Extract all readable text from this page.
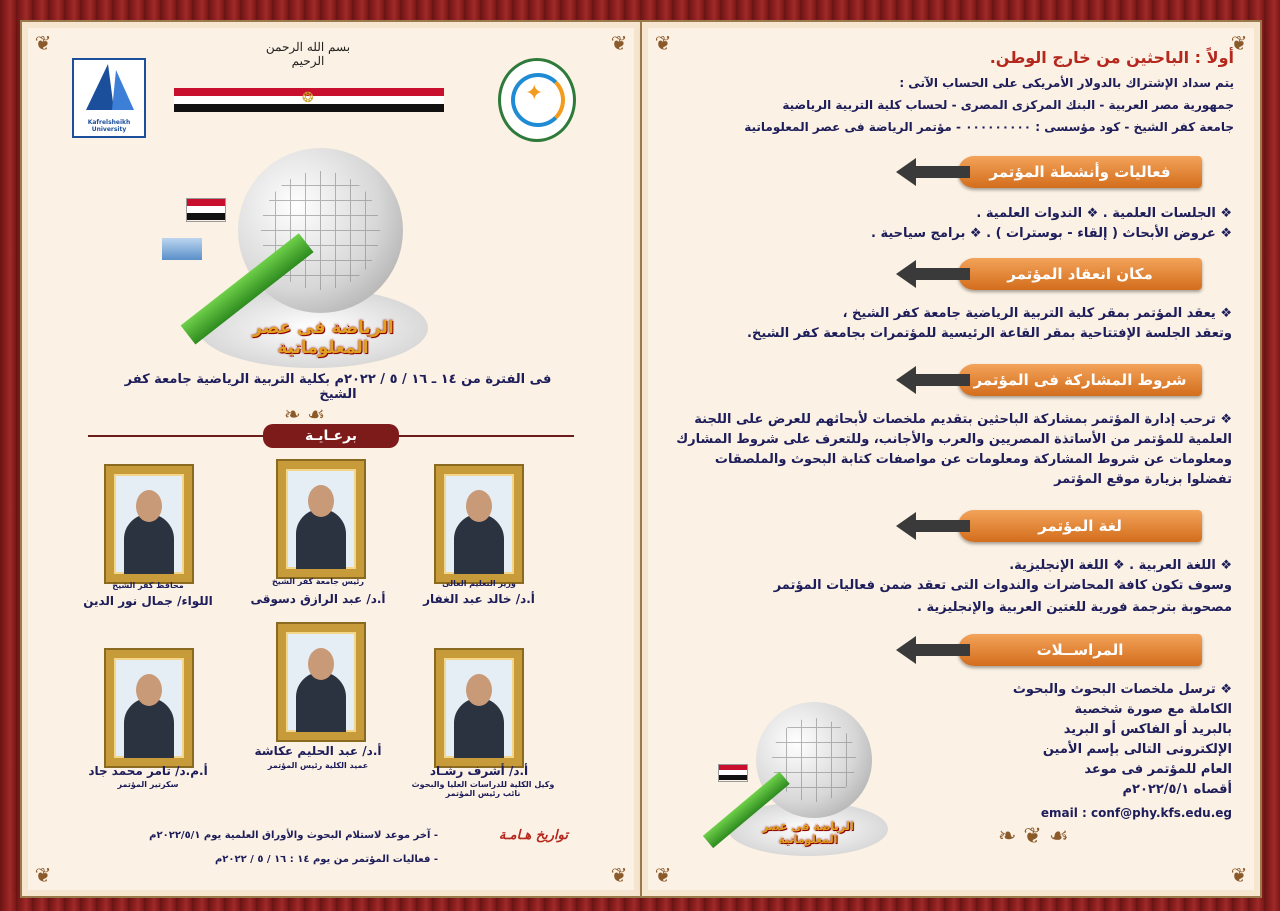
❦	❦
❦	❦
Kafrelsheikh University
بسم الله الرحمن الرحيم
❂	✦
الرياضة فى عصر المعلوماتية
فى الفترة من ١٤ ـ ١٦ / ٥ / ٢٠٢٢م بكلية التربية الرياضية جامعة كفر الشيخ
برعـايـة
❧ ☙
وزير التعليم العالى
أ.د/ خالد عبد الغفار
رئيس جامعة كفر الشيخ
أ.د/ عبد الرازق دسوقى
محافظ كفر الشيخ
اللواء/ جمال نور الدين
أ.د/ أشرف رشـاد
وكيل الكلية للدراسات العليا والبحوث نائب رئيس المؤتمر
أ.د/ عبد الحليم عكاشة
عميد الكلية رئيس المؤتمر
أ.م.د/ تامر محمد جاد
سكرتير المؤتمر
تواريخ هـامـة
- آخر موعد لاستلام البحوث والأوراق العلمية يوم ٢٠٢٢/٥/١م
- فعاليات المؤتمر من يوم ١٤ : ١٦ / ٥ / ٢٠٢٢م
❦	❦
❦	❦
أولاً : الباحثين من خارج الوطن.
يتم سداد الإشتراك بالدولار الأمريكى على الحساب الآتى :
جمهورية مصر العربية - البنك المركزى المصرى - لحساب كلية التربية الرياضية
جامعة كفر الشيخ - كود مؤسسى : ٠٠٠٠٠٠٠٠٠ - مؤتمر الرياضة فى عصر المعلوماتية
فعاليات وأنشطة المؤتمر
❖ الجلسات العلمية . ❖ الندوات العلمية .
❖ عروض الأبحاث ( إلقاء - بوسترات ) . ❖ برامج سياحية .
مكان انعقاد المؤتمر
❖ يعقد المؤتمر بمقر كلية التربية الرياضية جامعة كفر الشيخ ،
وتعقد الجلسة الإفتتاحية بمقر القاعة الرئيسية للمؤتمرات بجامعة كفر الشيخ.
شروط المشاركة فى المؤتمر
❖ ترحب إدارة المؤتمر بمشاركة الباحثين بتقديم ملخصات لأبحاثهم للعرض على اللجنة
العلمية للمؤتمر من الأساتذة المصريين والعرب والأجانب، وللتعرف على شروط المشارك
ومعلومات عن شروط المشاركة ومعلومات عن مواصفات كتابة البحوث والملصقات
تفضلوا بزيارة موقع المؤتمر
لغة المؤتمر
❖ اللغة العربية . ❖ اللغة الإنجليزية.
وسوف تكون كافة المحاضرات والندوات التى تعقد ضمن فعاليات المؤتمر
مصحوبة بترجمة فورية للغتين العربية والإنجليزية .
المراســلات
❖ ترسل ملخصات البحوث والبحوث
الكاملة مع صورة شخصية
بالبريد أو الفاكس أو البريد
الإلكترونى التالى بإسم الأمين
العام للمؤتمر فى موعد
أقصاه ٢٠٢٢/٥/١م
email : conf@phy.kfs.edu.eg
❧ ❦ ☙
الرياضة فى عصر المعلوماتية
